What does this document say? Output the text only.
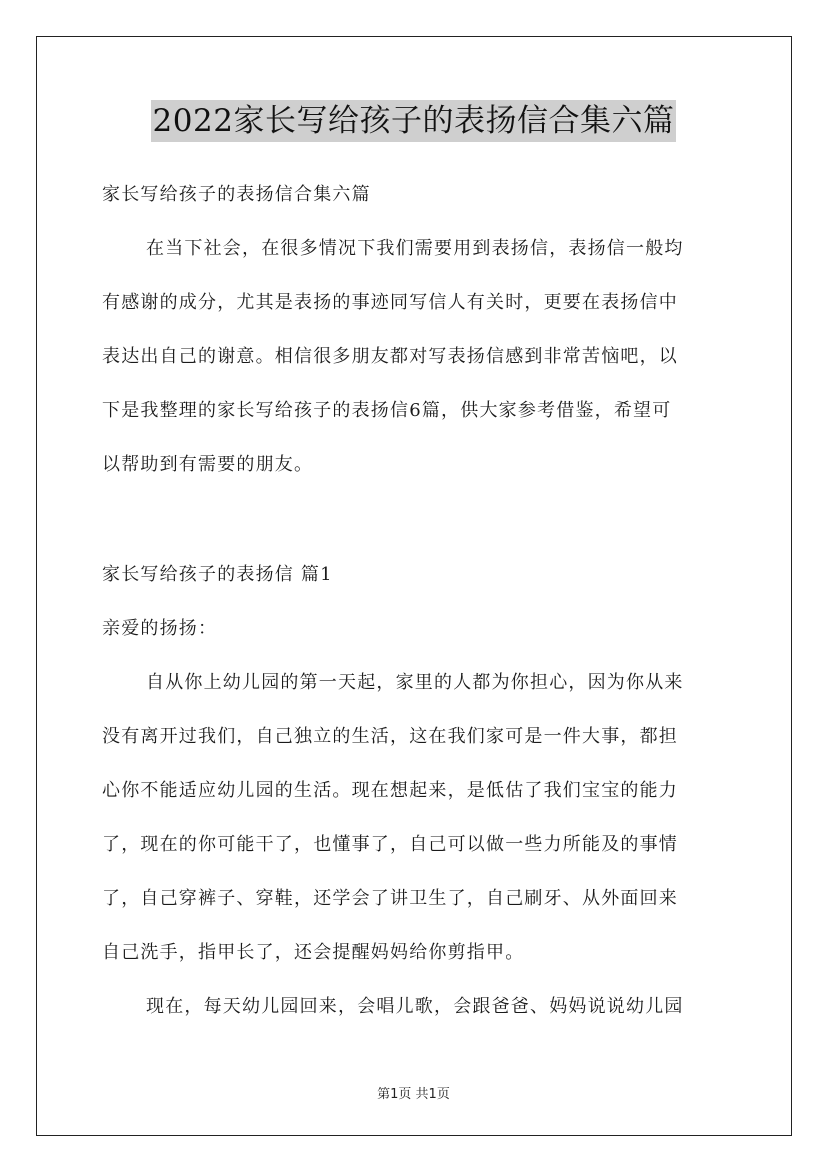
2022家长写给孩子的表扬信合集六篇
家长写给孩子的表扬信合集六篇
在当下社会，在很多情况下我们需要用到表扬信，表扬信一般均
有感谢的成分，尤其是表扬的事迹同写信人有关时，更要在表扬信中
表达出自己的谢意。相信很多朋友都对写表扬信感到非常苦恼吧，以
下是我整理的家长写给孩子的表扬信6篇，供大家参考借鉴，希望可
以帮助到有需要的朋友。
家长写给孩子的表扬信 篇1
亲爱的扬扬：
自从你上幼儿园的第一天起，家里的人都为你担心，因为你从来
没有离开过我们，自己独立的生活，这在我们家可是一件大事，都担
心你不能适应幼儿园的生活。现在想起来，是低估了我们宝宝的能力
了，现在的你可能干了，也懂事了，自己可以做一些力所能及的事情
了，自己穿裤子、穿鞋，还学会了讲卫生了，自己刷牙、从外面回来
自己洗手，指甲长了，还会提醒妈妈给你剪指甲。
现在，每天幼儿园回来，会唱儿歌，会跟爸爸、妈妈说说幼儿园
第1页 共1页
